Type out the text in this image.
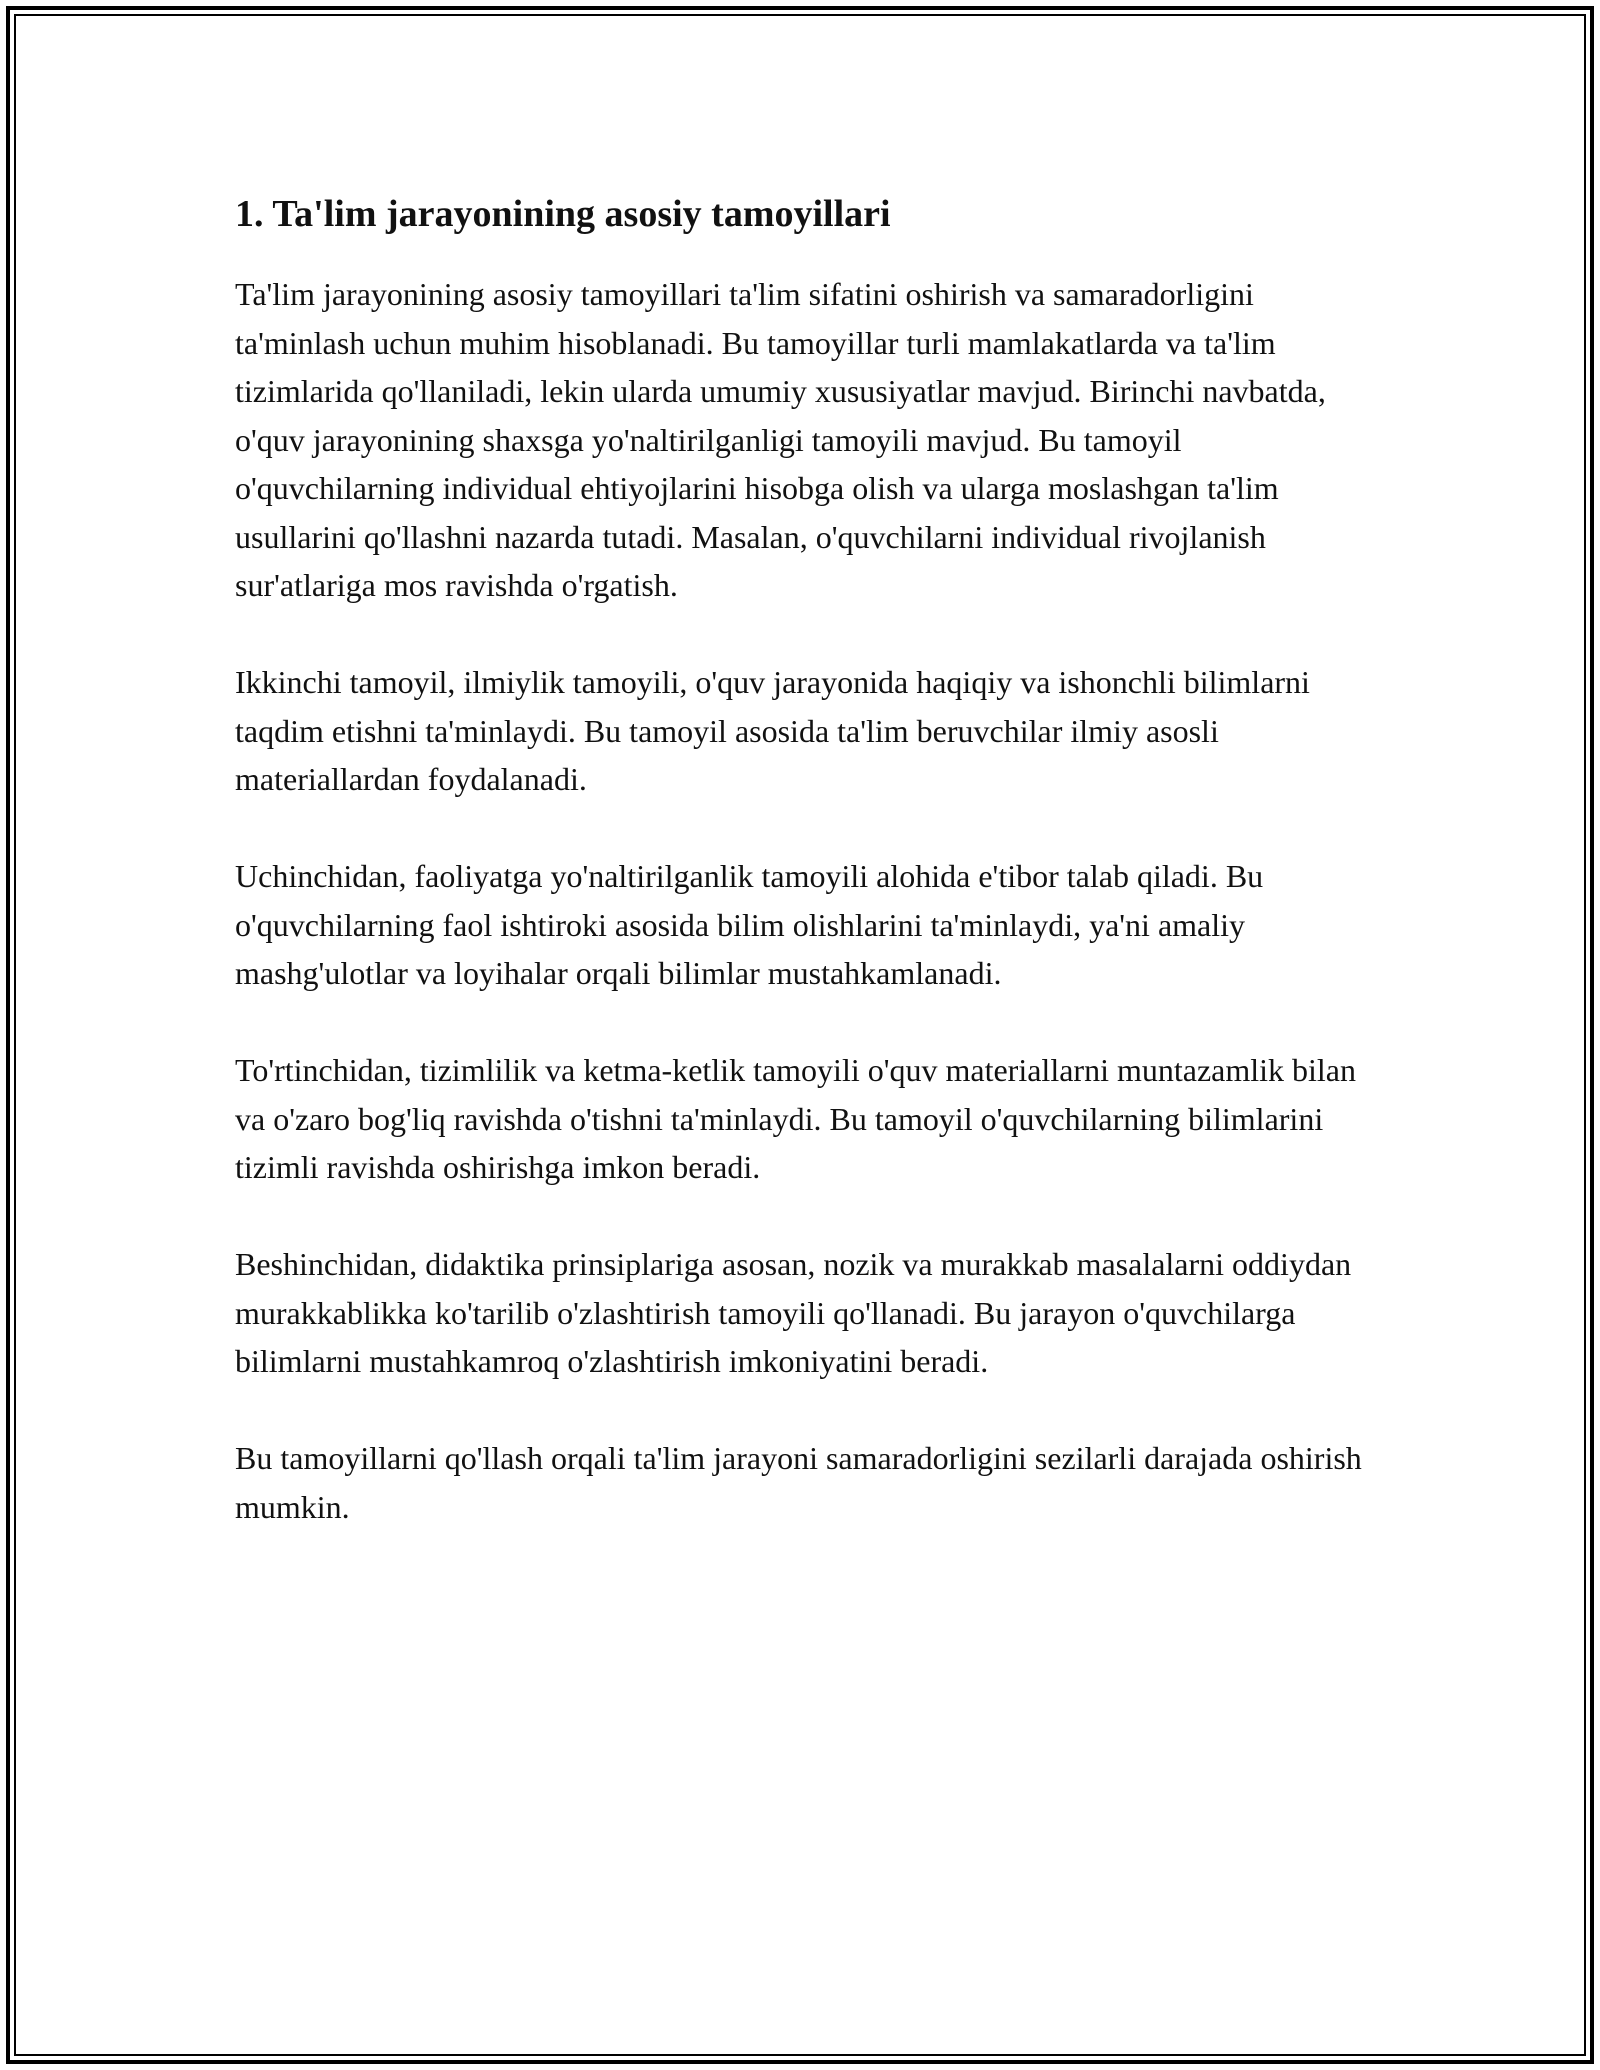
1. Ta'lim jarayonining asosiy tamoyillari

Ta'lim jarayonining asosiy tamoyillari ta'lim sifatini oshirish va samaradorligini ta'minlash uchun muhim hisoblanadi. Bu tamoyillar turli mamlakatlarda va ta'lim tizimlarida qo'llaniladi, lekin ularda umumiy xususiyatlar mavjud. Birinchi navbatda, o'quv jarayonining shaxsga yo'naltirilganligi tamoyili mavjud. Bu tamoyil o'quvchilarning individual ehtiyojlarini hisobga olish va ularga moslashgan ta'lim usullarini qo'llashni nazarda tutadi. Masalan, o'quvchilarni individual rivojlanish sur'atlariga mos ravishda o'rgatish.

Ikkinchi tamoyil, ilmiylik tamoyili, o'quv jarayonida haqiqiy va ishonchli bilimlarni taqdim etishni ta'minlaydi. Bu tamoyil asosida ta'lim beruvchilar ilmiy asosli materiallardan foydalanadi.

Uchinchidan, faoliyatga yo'naltirilganlik tamoyili alohida e'tibor talab qiladi. Bu o'quvchilarning faol ishtiroki asosida bilim olishlarini ta'minlaydi, ya'ni amaliy mashg'ulotlar va loyihalar orqali bilimlar mustahkamlanadi.

To'rtinchidan, tizimlilik va ketma-ketlik tamoyili o'quv materiallarni muntazamlik bilan va o'zaro bog'liq ravishda o'tishni ta'minlaydi. Bu tamoyil o'quvchilarning bilimlarini tizimli ravishda oshirishga imkon beradi.

Beshinchidan, didaktika prinsiplariga asosan, nozik va murakkab masalalarni oddiydan murakkablikka ko'tarilib o'zlashtirish tamoyili qo'llanadi. Bu jarayon o'quvchilarga bilimlarni mustahkamroq o'zlashtirish imkoniyatini beradi.

Bu tamoyillarni qo'llash orqali ta'lim jarayoni samaradorligini sezilarli darajada oshirish mumkin.
